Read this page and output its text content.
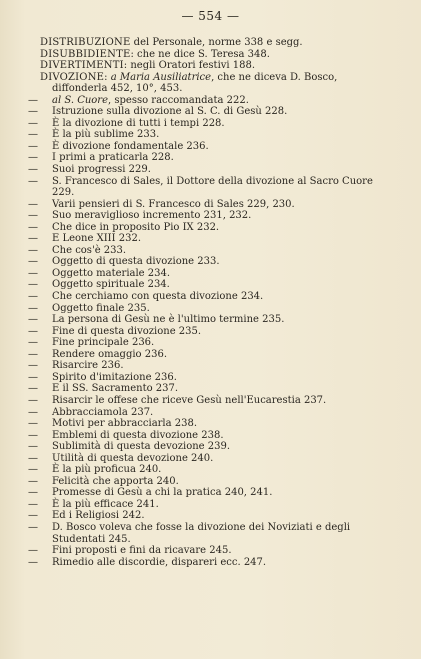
— 554 —
DISTRIBUZIONE del Personale, norme 338 e segg.
DISUBBIDIENTE: che ne dice S. Teresa 348.
DIVERTIMENTI: negli Oratori festivi 188.
DIVOZIONE: a Maria Ausiliatrice, che ne diceva D. Bosco, diffonderla 452, 10°, 453.
— al S. Cuore, spesso raccomandata 222.
— Istruzione sulla divozione al S. C. di Gesù 228.
— È la divozione di tutti i tempi 228.
— È la più sublime 233.
— È divozione fondamentale 236.
— I primi a praticarla 228.
— Suoi progressi 229.
— S. Francesco di Sales, il Dottore della divozione al Sacro Cuore 229.
— Varii pensieri di S. Francesco di Sales 229, 230.
— Suo meraviglioso incremento 231, 232.
— Che dice in proposito Pio IX 232.
— E Leone XIII 232.
— Che cos'è 233.
— Oggetto di questa divozione 233.
— Oggetto materiale 234.
— Oggetto spirituale 234.
— Che cerchiamo con questa divozione 234.
— Oggetto finale 235.
— La persona di Gesù ne è l'ultimo termine 235.
— Fine di questa divozione 235.
— Fine principale 236.
— Rendere omaggio 236.
— Risarcire 236.
— Spirito d'imitazione 236.
— E il SS. Sacramento 237.
— Risarcir le offese che riceve Gesù nell'Eucarestia 237.
— Abbracciamola 237.
— Motivi per abbracciarla 238.
— Emblemi di questa divozione 238.
— Sublimità di questa devozione 239.
— Utilità di questa devozione 240.
— È la più proficua 240.
— Felicità che apporta 240.
— Promesse di Gesù a chi la pratica 240, 241.
— È la più efficace 241.
— Ed i Religiosi 242.
— D. Bosco voleva che fosse la divozione dei Noviziati e degli Studentati 245.
— Fini proposti e fini da ricavare 245.
— Rimedio alle discordie, dispareri ecc. 247.
